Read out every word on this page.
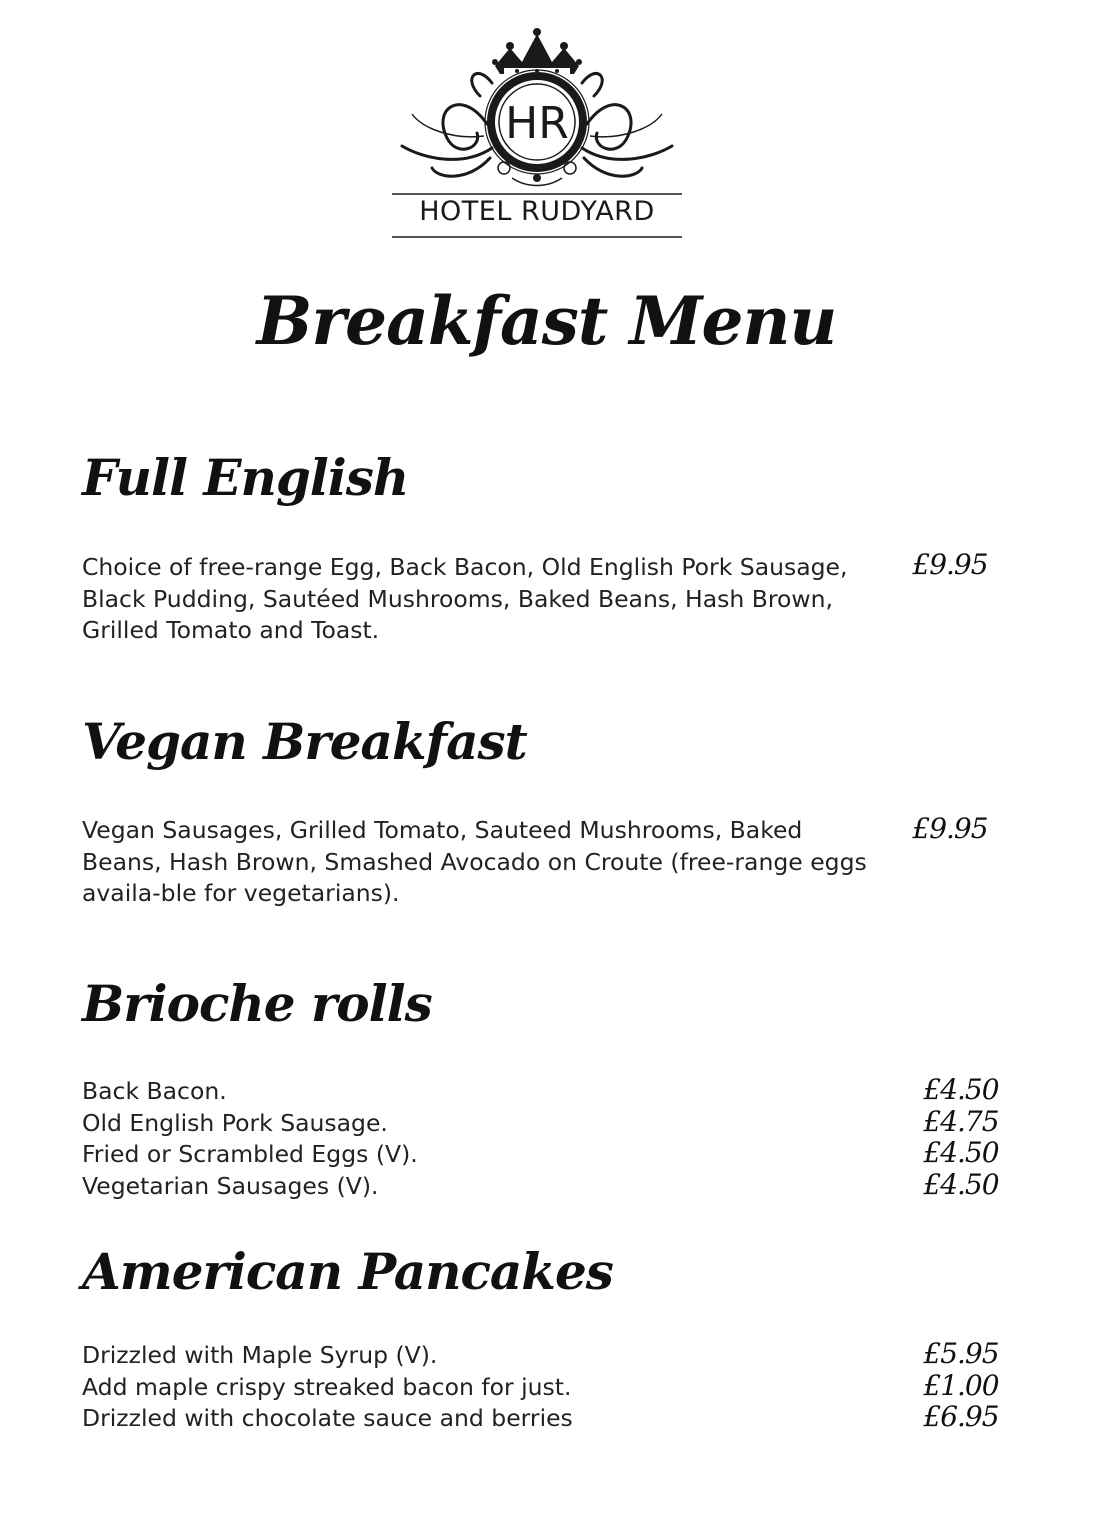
HR
HOTEL RUDYARD
Breakfast Menu
Full English
Choice of free-range Egg, Back Bacon, Old English Pork Sausage, Black Pudding, Sautéed Mushrooms, Baked Beans, Hash Brown, Grilled Tomato and Toast.
£9.95
Vegan Breakfast
Vegan Sausages, Grilled Tomato, Sauteed Mushrooms, Baked Beans, Hash Brown, Smashed Avocado on Croute (free-range eggs availa-ble for vegetarians).
£9.95
Brioche rolls
Back Bacon.	£4.50
Old English Pork Sausage.	£4.75
Fried or Scrambled Eggs (V).	£4.50
Vegetarian Sausages (V).	£4.50
American Pancakes
Drizzled with Maple Syrup (V).	£5.95
Add maple crispy streaked bacon for just.	£1.00
Drizzled with chocolate sauce and berries	£6.95
